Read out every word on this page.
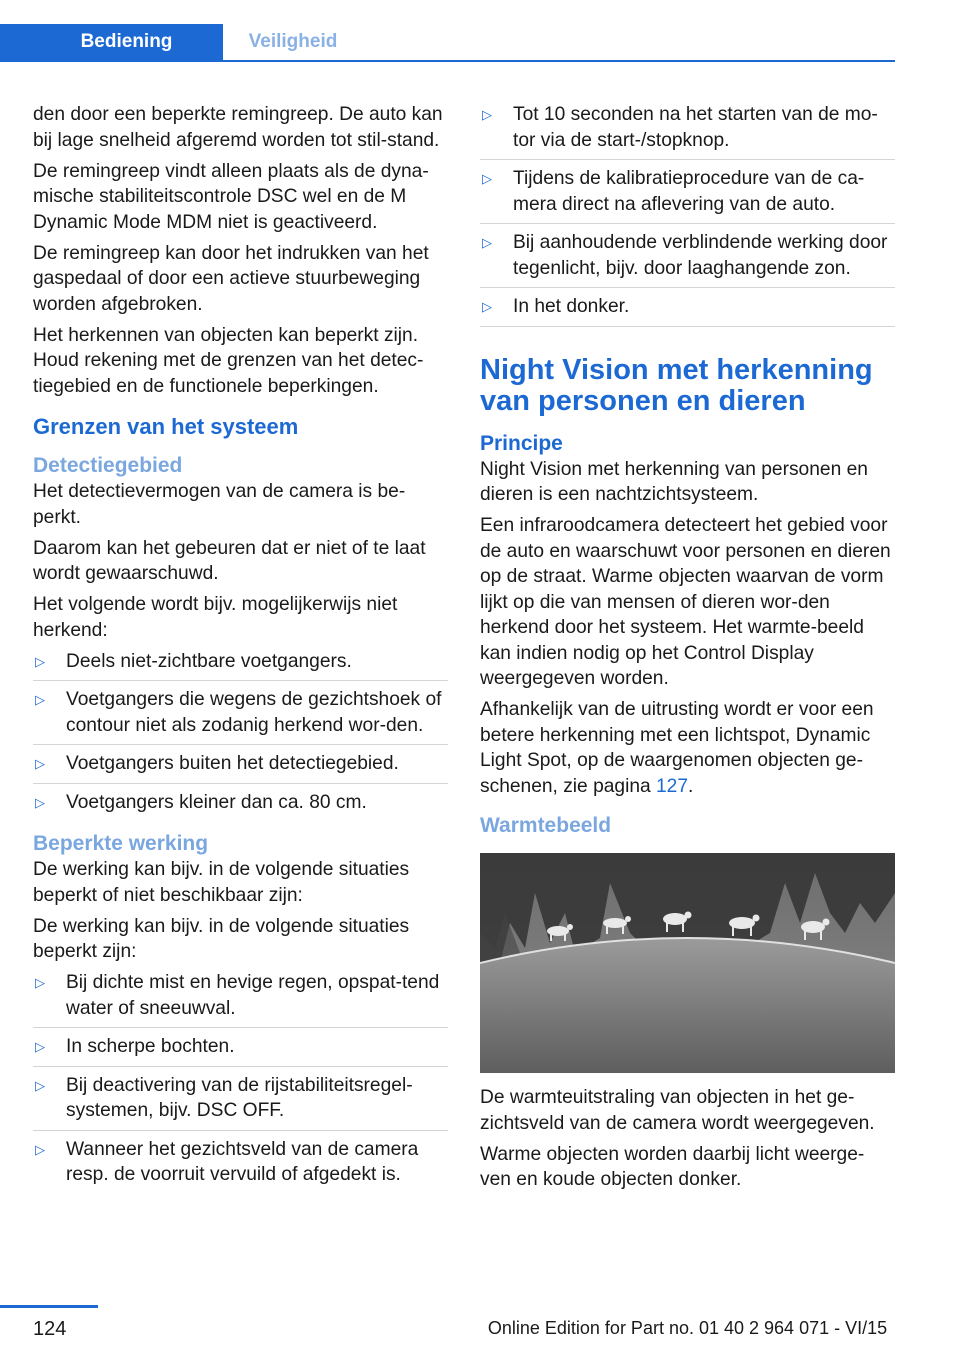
Bediening	Veiligheid

den door een beperkte remingreep. De auto kan bij lage snelheid afgeremd worden tot stil‐stand.

De remingreep vindt alleen plaats als de dyna‐mische stabiliteitscontrole DSC wel en de M Dynamic Mode MDM niet is geactiveerd.

De remingreep kan door het indrukken van het gaspedaal of door een actieve stuurbeweging worden afgebroken.

Het herkennen van objecten kan beperkt zijn. Houd rekening met de grenzen van het detec‐tiegebied en de functionele beperkingen.

Grenzen van het systeem
Detectiegebied

Het detectievermogen van de camera is be‐perkt.

Daarom kan het gebeuren dat er niet of te laat wordt gewaarschuwd.

Het volgende wordt bijv. mogelijkerwijs niet herkend:

▷ Deels niet-zichtbare voetgangers.
▷ Voetgangers die wegens de gezichtshoek of contour niet als zodanig herkend wor‐den.
▷ Voetgangers buiten het detectiegebied.
▷ Voetgangers kleiner dan ca. 80 cm.
Beperkte werking

De werking kan bijv. in de volgende situaties beperkt of niet beschikbaar zijn:

De werking kan bijv. in de volgende situaties beperkt zijn:

▷ Bij dichte mist en hevige regen, opspat‐tend water of sneeuwval.
▷ In scherpe bochten.
▷ Bij deactivering van de rijstabiliteitsregel‐systemen, bijv. DSC OFF.
▷ Wanneer het gezichtsveld van de camera resp. de voorruit vervuild of afgedekt is.
▷ Tot 10 seconden na het starten van de mo‐tor via de start-/stopknop.
▷ Tijdens de kalibratieprocedure van de ca‐mera direct na aflevering van de auto.
▷ Bij aanhoudende verblindende werking door tegenlicht, bijv. door laaghangende zon.
▷ In het donker.
Night Vision met herkenning van personen en dieren
Principe

Night Vision met herkenning van personen en dieren is een nachtzichtsysteem.

Een infraroodcamera detecteert het gebied voor de auto en waarschuwt voor personen en dieren op de straat. Warme objecten waarvan de vorm lijkt op die van mensen of dieren wor‐den herkend door het systeem. Het warmte‐beeld kan indien nodig op het Control Display weergegeven worden.

Afhankelijk van de uitrusting wordt er voor een betere herkenning met een lichtspot, Dynamic Light Spot, op de waargenomen objecten ge‐schenen, zie pagina 127.

Warmtebeeld

De warmteuitstraling van objecten in het ge‐zichtsveld van de camera wordt weergegeven.

Warme objecten worden daarbij licht weerge‐ven en koude objecten donker.

124	Online Edition for Part no. 01 40 2 964 071 - VI/15
